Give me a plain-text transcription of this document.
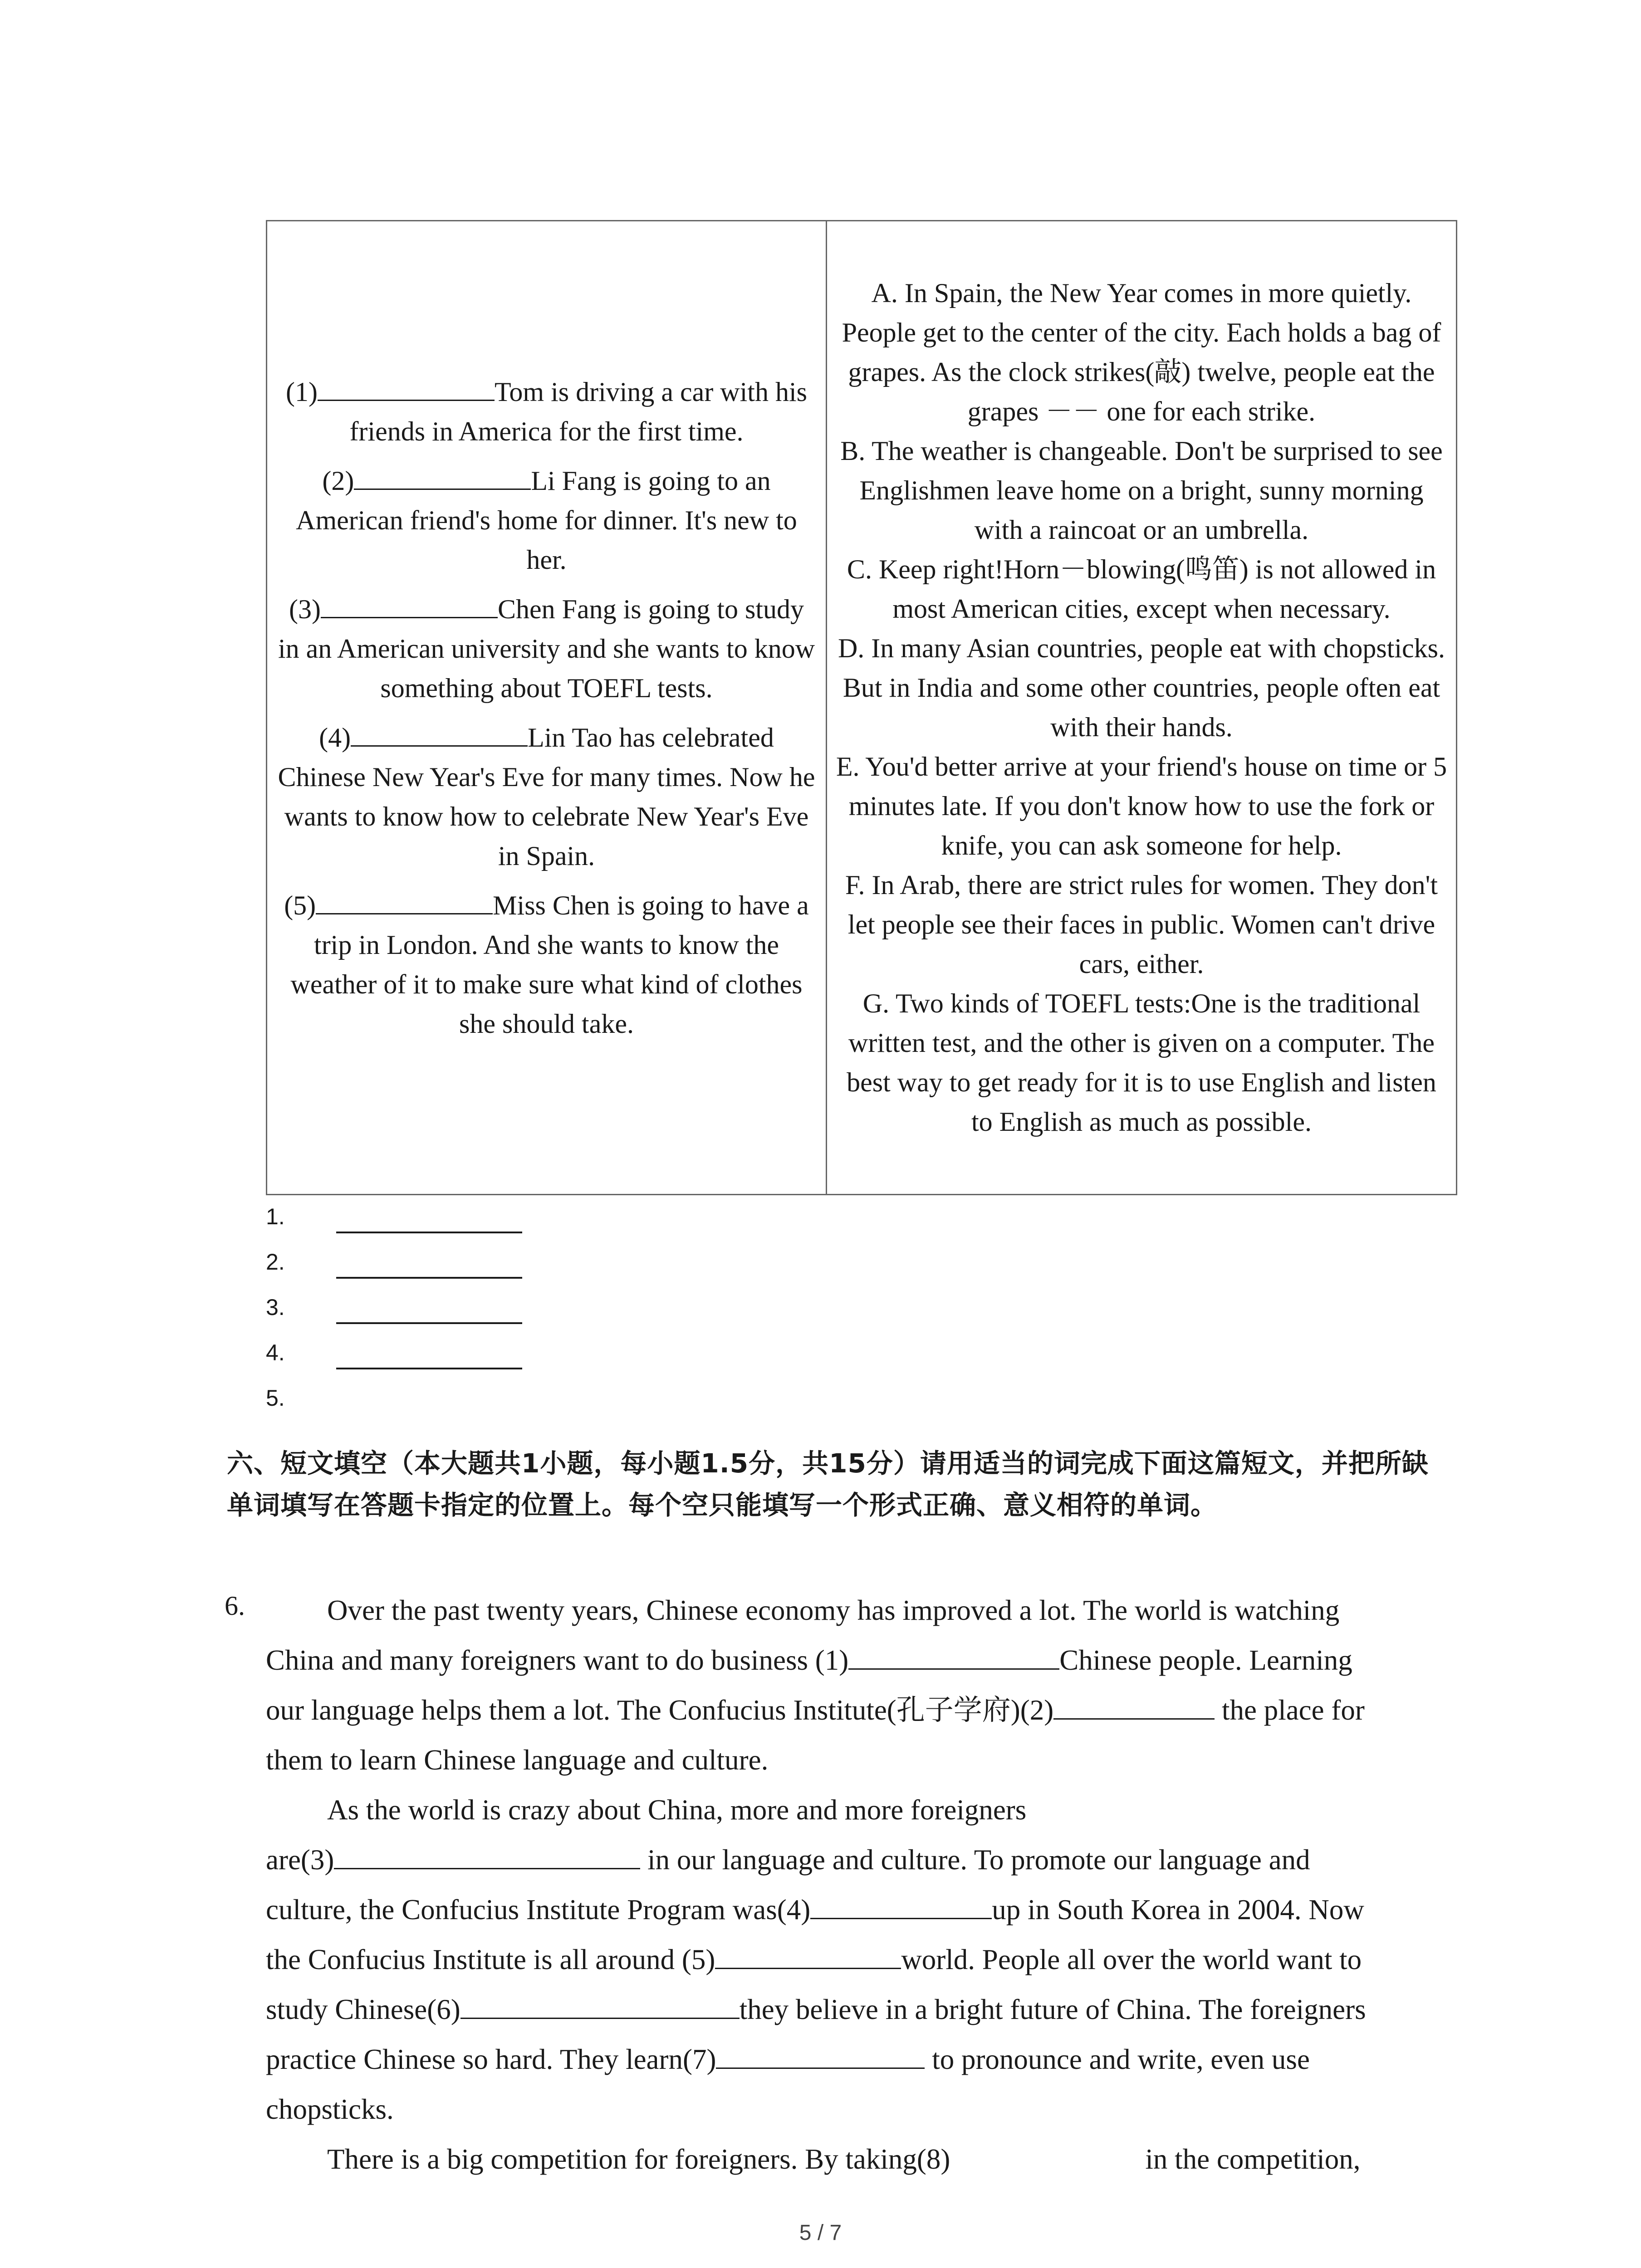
(1)	Tom is driving a car with his friends in America for the first time.

(2)	Li Fang is going to an American friend's home for dinner. It's new to her.

(3)	Chen Fang is going to study in an American university and she wants to know something about TOEFL tests.

(4)	Lin Tao has celebrated Chinese New Year's Eve for many times. Now he wants to know how to celebrate New Year's Eve in Spain.

(5)	Miss Chen is going to have a trip in London. And she wants to know the weather of it to make sure what kind of clothes she should take.

A. In Spain, the New Year comes in more quietly. People get to the center of the city. Each holds a bag of grapes. As the clock strikes(敲) twelve, people eat the grapes －－ one for each strike.

B. The weather is changeable. Don't be surprised to see Englishmen leave home on a bright, sunny morning with a raincoat or an umbrella.

C. Keep right!Horn－blowing(鸣笛) is not allowed in most American cities, except when necessary.

D. In many Asian countries, people eat with chopsticks. But in India and some other countries, people often eat with their hands.

E. You'd better arrive at your friend's house on time or 5 minutes late. If you don't know how to use the fork or knife, you can ask someone for help.

F. In Arab, there are strict rules for women. They don't let people see their faces in public. Women can't drive cars, either.

G. Two kinds of TOEFL tests:One is the traditional written test, and the other is given on a computer. The best way to get ready for it is to use English and listen to English as much as possible.

1.
2.
3.
4.
5.

六、短文填空（本大题共1小题，每小题1.5分，共15分）请用适当的词完成下面这篇短文，并把所缺单词填写在答题卡指定的位置上。每个空只能填写一个形式正确、意义相符的单词。

6.	Over the past twenty years, Chinese economy has improved a lot. The world is watching

China and many foreigners want to do business (1)	Chinese people. Learning

our language helps them a lot. The Confucius Institute(孔子学府)(2)	the place for

them to learn Chinese language and culture.

As the world is crazy about China, more and more foreigners

are(3)	in our language and culture. To promote our language and

culture, the Confucius Institute Program was(4)	up in South Korea in 2004. Now

the Confucius Institute is all around (5)	world. People all over the world want to

study Chinese(6)	they believe in a bright future of China. The foreigners

practice Chinese so hard. They learn(7)	to pronounce and write, even use

chopsticks.

There is a big competition for foreigners. By taking(8)	in the competition,

5 / 7
